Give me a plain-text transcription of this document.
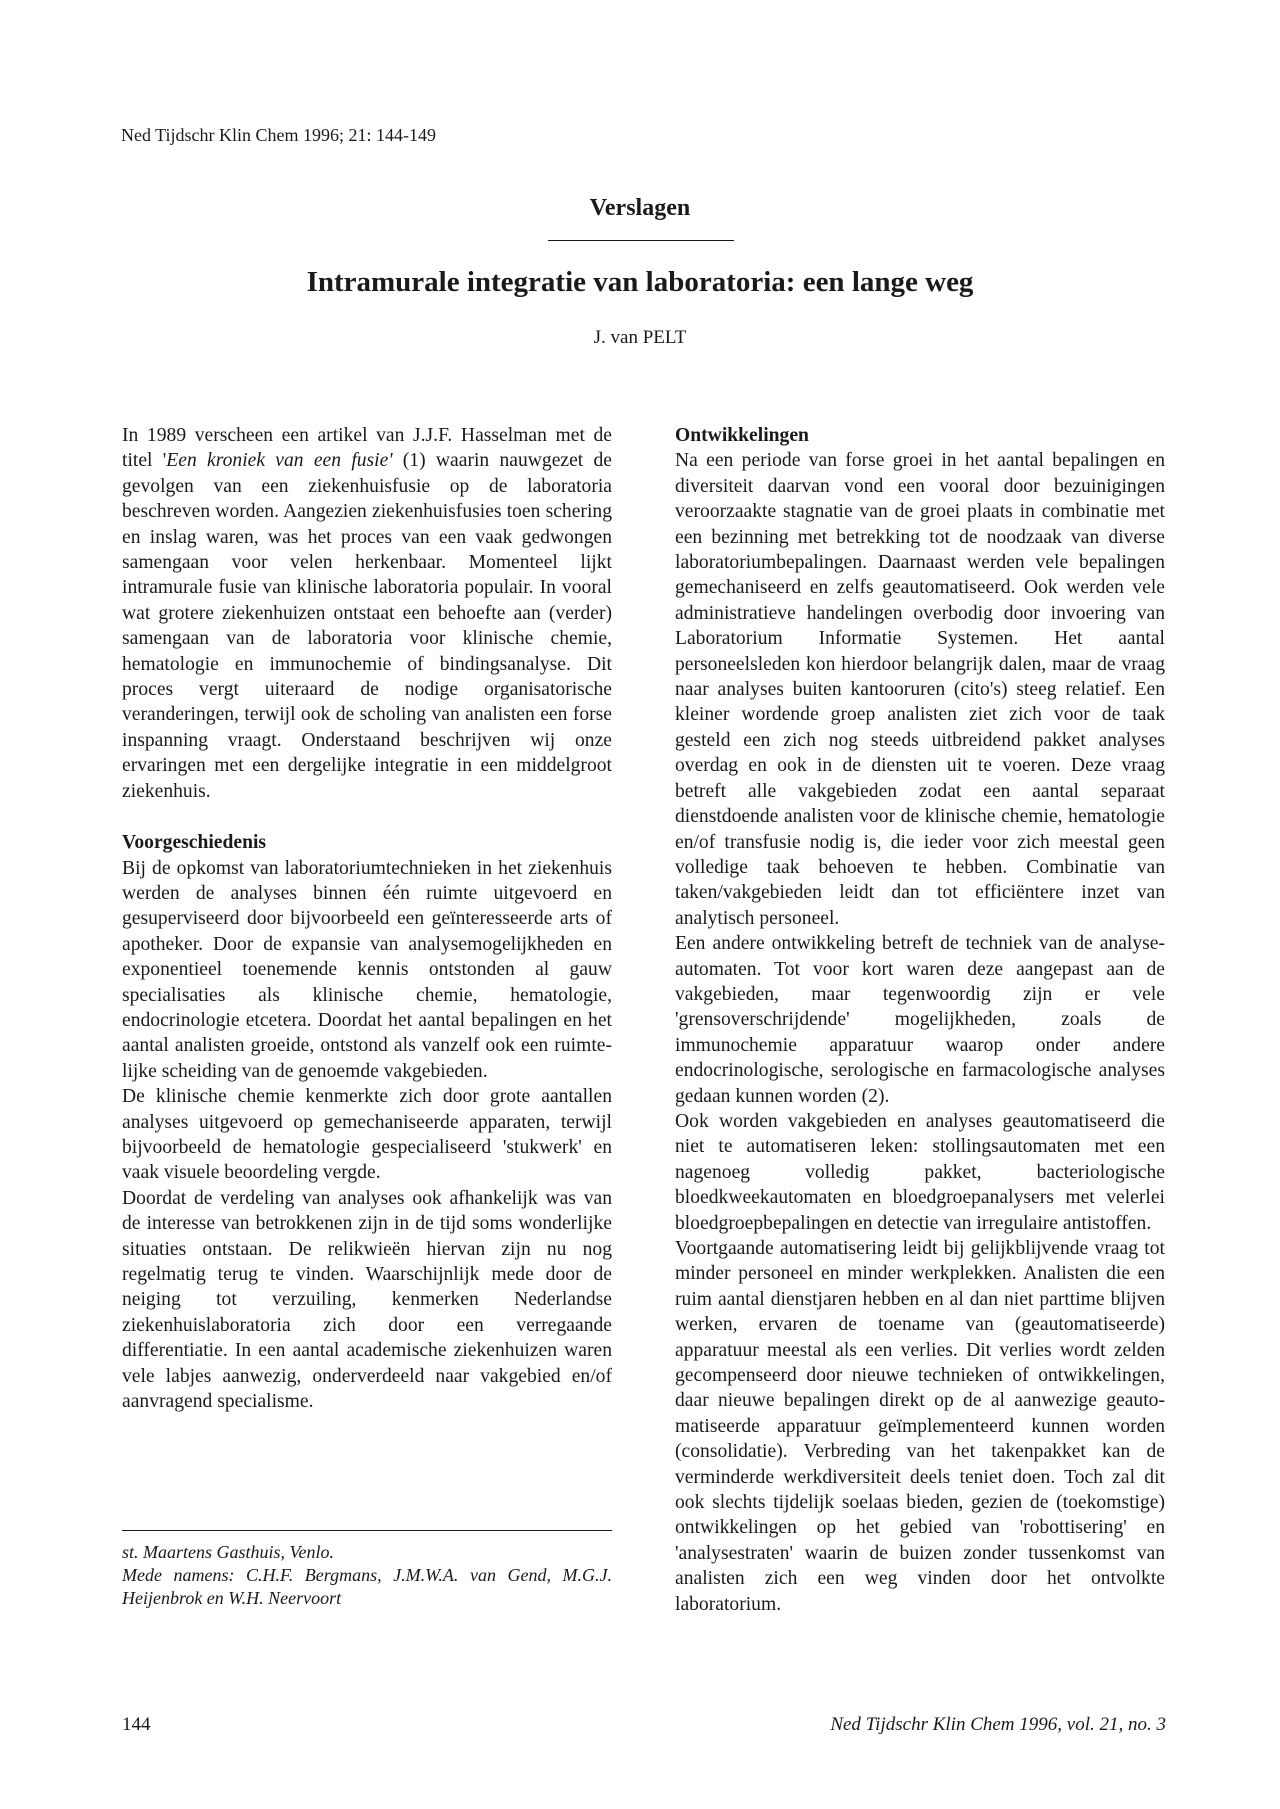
Ned Tijdschr Klin Chem 1996; 21: 144-149
Verslagen
Intramurale integratie van laboratoria: een lange weg
J. van PELT

In 1989 verscheen een artikel van J.J.F. Hasselman met de titel 'Een kroniek van een fusie' (1) waarin nauwgezet de gevolgen van een ziekenhuisfusie op de laboratoria beschreven worden. Aangezien ziekenhuisfusies toen schering en inslag waren, was het proces van een vaak gedwongen samengaan voor velen herkenbaar. Momenteel lijkt intramurale fusie van klinische laboratoria populair. In vooral wat grotere ziekenhuizen ontstaat een behoefte aan (verder) samengaan van de laboratoria voor klinische chemie, hematologie en immunochemie of bindingsanalyse. Dit proces vergt uiteraard de nodige organisatorische veranderingen, terwijl ook de scholing van analisten een forse inspanning vraagt. Onderstaand beschrijven wij onze ervaringen met een dergelijke integratie in een middelgroot ziekenhuis.

Voorgeschiedenis

Bij de opkomst van laboratoriumtechnieken in het ziekenhuis werden de analyses binnen één ruimte uitgevoerd en gesuperviseerd door bijvoorbeeld een geïnteresseerde arts of apotheker. Door de expansie van analysemogelijkheden en exponentieel toenemende kennis ontstonden al gauw specialisaties als klinische chemie, hematologie, endocrinologie etcetera. Doordat het aantal bepalingen en het aantal analisten groeide, ontstond als vanzelf ook een ruimtelijke scheiding van de genoemde vakgebieden.

De klinische chemie kenmerkte zich door grote aantallen analyses uitgevoerd op gemechaniseerde apparaten, terwijl bijvoorbeeld de hematologie gespecialiseerd 'stukwerk' en vaak visuele beoordeling vergde.

Doordat de verdeling van analyses ook afhankelijk was van de interesse van betrokkenen zijn in de tijd soms wonderlijke situaties ontstaan. De relikwieën hiervan zijn nu nog regelmatig terug te vinden. Waarschijnlijk mede door de neiging tot verzuiling, kenmerken Nederlandse ziekenhuislaboratoria zich door een verregaande differentiatie. In een aantal academische ziekenhuizen waren vele labjes aanwezig, onderverdeeld naar vakgebied en/of aanvragend specialisme.

Ontwikkelingen

Na een periode van forse groei in het aantal bepalingen en diversiteit daarvan vond een vooral door bezuinigingen veroorzaakte stagnatie van de groei plaats in combinatie met een bezinning met betrekking tot de noodzaak van diverse laboratoriumbepalingen. Daarnaast werden vele bepalingen gemechaniseerd en zelfs geautomatiseerd. Ook werden vele administratieve handelingen overbodig door invoering van Laboratorium Informatie Systemen. Het aantal personeelsleden kon hierdoor belangrijk dalen, maar de vraag naar analyses buiten kantooruren (cito's) steeg relatief. Een kleiner wordende groep analisten ziet zich voor de taak gesteld een zich nog steeds uitbreidend pakket analyses overdag en ook in de diensten uit te voeren. Deze vraag betreft alle vakgebieden zodat een aantal separaat dienstdoende analisten voor de klinische chemie, hematologie en/of transfusie nodig is, die ieder voor zich meestal geen volledige taak behoeven te hebben. Combinatie van taken/vakgebieden leidt dan tot efficiëntere inzet van analytisch personeel.

Een andere ontwikkeling betreft de techniek van de analyse-automaten. Tot voor kort waren deze aangepast aan de vakgebieden, maar tegenwoordig zijn er vele 'grensoverschrijdende' mogelijkheden, zoals de immunochemie apparatuur waarop onder andere endocrinologische, serologische en farmacologische analyses gedaan kunnen worden (2).

Ook worden vakgebieden en analyses geautomatiseerd die niet te automatiseren leken: stollingsautomaten met een nagenoeg volledig pakket, bacteriologische bloedkweekautomaten en bloedgroepanalysers met velerlei bloedgroepbepalingen en detectie van irregulaire antistoffen.

Voortgaande automatisering leidt bij gelijkblijvende vraag tot minder personeel en minder werkplekken. Analisten die een ruim aantal dienstjaren hebben en al dan niet parttime blijven werken, ervaren de toename van (geautomatiseerde) apparatuur meestal als een verlies. Dit verlies wordt zelden gecompenseerd door nieuwe technieken of ontwikkelingen, daar nieuwe bepalingen direkt op de al aanwezige geautomatiseerde apparatuur geïmplementeerd kunnen worden (consolidatie). Verbreding van het takenpakket kan de verminderde werkdiversiteit deels teniet doen. Toch zal dit ook slechts tijdelijk soelaas bieden, gezien de (toekomstige) ontwikkelingen op het gebied van 'robottisering' en 'analysestraten' waarin de buizen zonder tussenkomst van analisten zich een weg vinden door het ontvolkte laboratorium.

st. Maartens Gasthuis, Venlo.
Mede namens: C.H.F. Bergmans, J.M.W.A. van Gend, M.G.J. Heijenbrok en W.H. Neervoort
144	Ned Tijdschr Klin Chem 1996, vol. 21, no. 3
